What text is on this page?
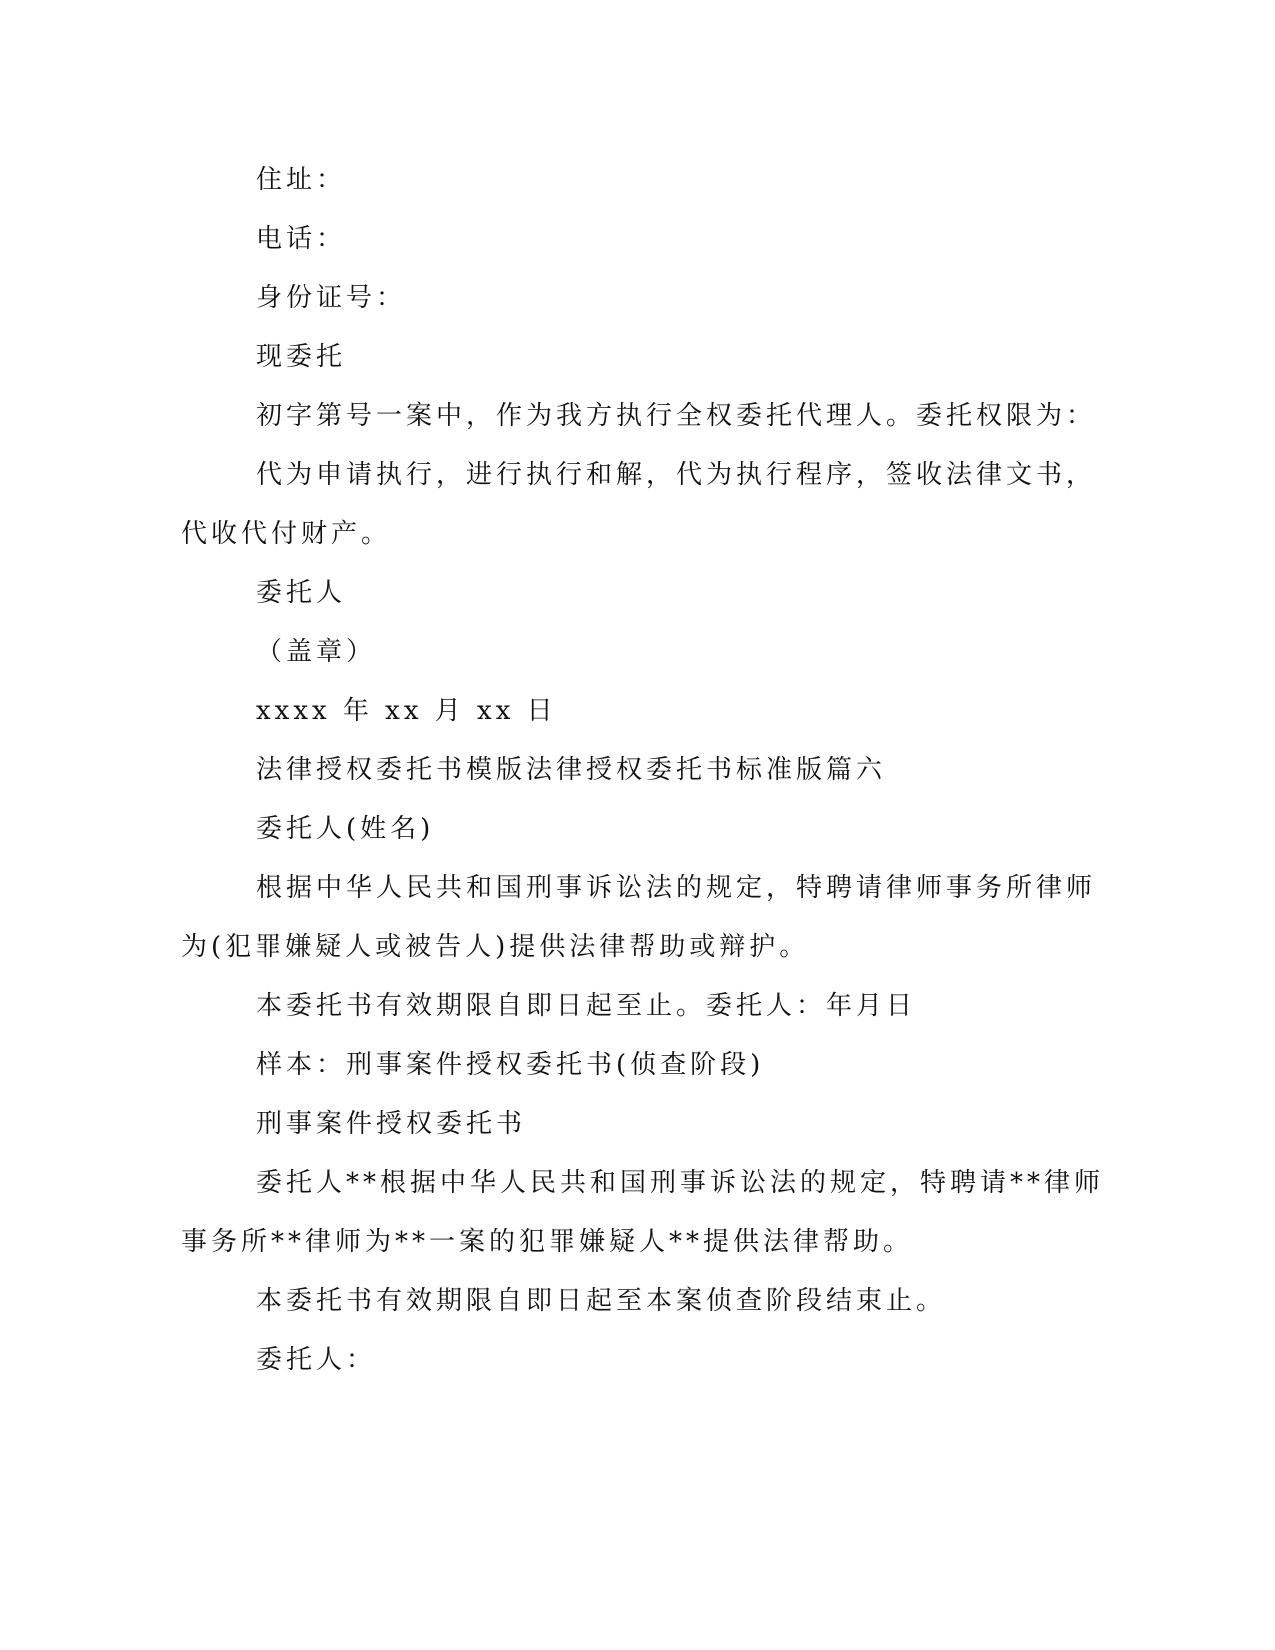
住址：
电话：
身份证号：
现委托
初字第号一案中，作为我方执行全权委托代理人。委托权限为：
代为申请执行，进行执行和解，代为执行程序，签收法律文书，
代收代付财产。
委托人
（盖章）
xxxx 年 xx 月 xx 日
法律授权委托书模版法律授权委托书标准版篇六
委托人(姓名)
根据中华人民共和国刑事诉讼法的规定，特聘请律师事务所律师
为(犯罪嫌疑人或被告人)提供法律帮助或辩护。
本委托书有效期限自即日起至止。委托人：年月日
样本：刑事案件授权委托书(侦查阶段)
刑事案件授权委托书
委托人**根据中华人民共和国刑事诉讼法的规定，特聘请**律师
事务所**律师为**一案的犯罪嫌疑人**提供法律帮助。
本委托书有效期限自即日起至本案侦查阶段结束止。
委托人：
